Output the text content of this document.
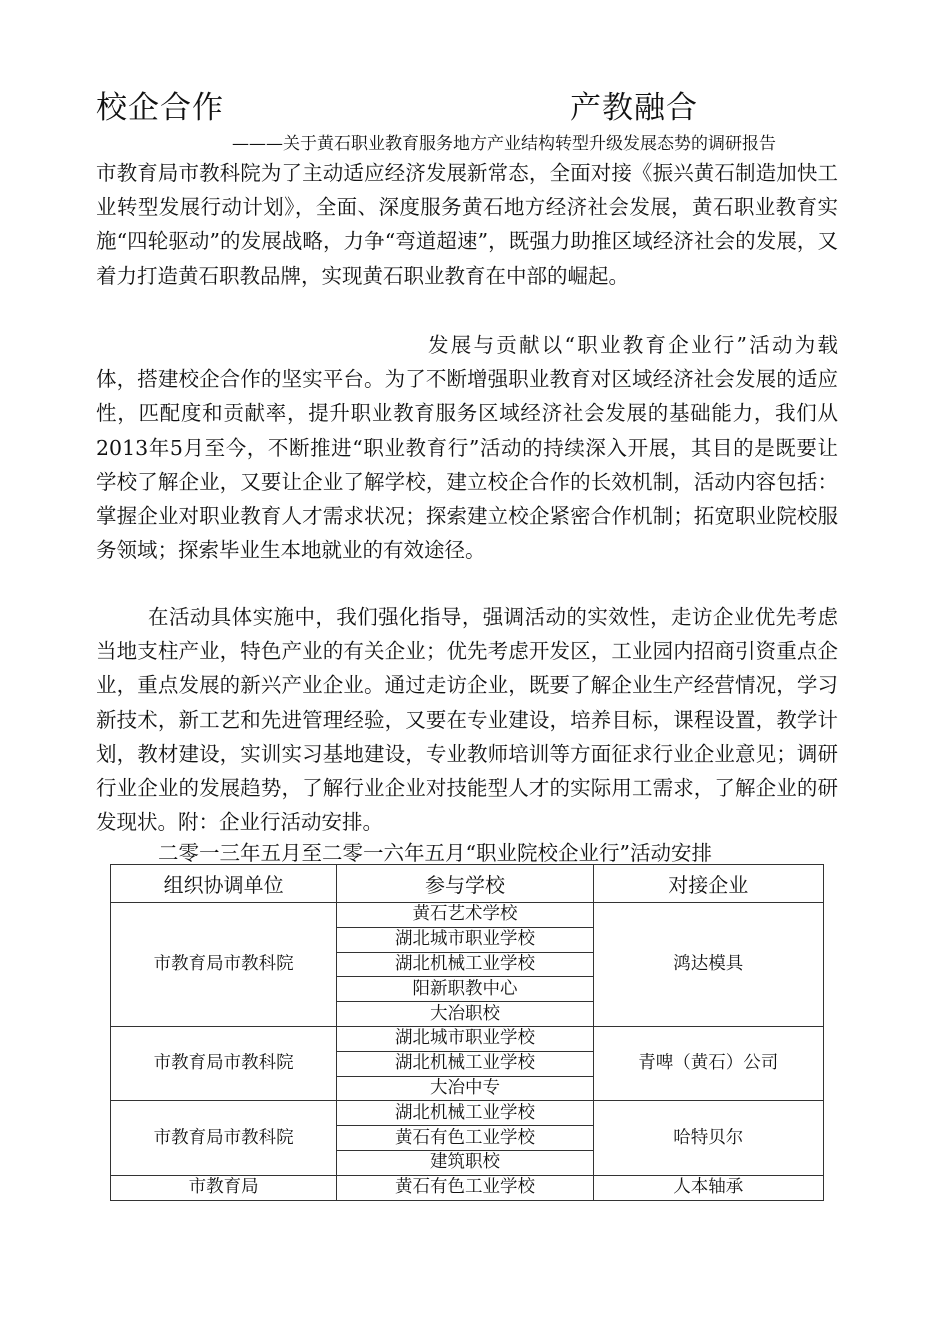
校企合作	产教融合
———关于黄石职业教育服务地方产业结构转型升级发展态势的调研报告

市教育局市教科院为了主动适应经济发展新常态，全面对接《振兴黄石制造加快工业转型发展行动计划》，全面、深度服务黄石地方经济社会发展，黄石职业教育实施“四轮驱动”的发展战略，力争“弯道超速”，既强力助推区域经济社会的发展，又着力打造黄石职教品牌，实现黄石职业教育在中部的崛起。

发展与贡献以“职业教育企业行”活动为载体，搭建校企合作的坚实平台。为了不断增强职业教育对区域经济社会发展的适应性，匹配度和贡献率，提升职业教育服务区域经济社会发展的基础能力，我们从2013年5月至今，不断推进“职业教育行”活动的持续深入开展，其目的是既要让学校了解企业，又要让企业了解学校，建立校企合作的长效机制，活动内容包括：掌握企业对职业教育人才需求状况；探索建立校企紧密合作机制；拓宽职业院校服务领域；探索毕业生本地就业的有效途径。

在活动具体实施中，我们强化指导，强调活动的实效性，走访企业优先考虑当地支柱产业，特色产业的有关企业；优先考虑开发区，工业园内招商引资重点企业，重点发展的新兴产业企业。通过走访企业，既要了解企业生产经营情况，学习新技术，新工艺和先进管理经验，又要在专业建设，培养目标，课程设置，教学计划，教材建设，实训实习基地建设，专业教师培训等方面征求行业企业意见；调研行业企业的发展趋势，了解行业企业对技能型人才的实际用工需求，了解企业的研发现状。附：企业行活动安排。

二零一三年五月至二零一六年五月“职业院校企业行”活动安排
组织协调单位	参与学校	对接企业
市教育局市教科院	黄石艺术学校	鸿达模具
	湖北城市职业学校	
	湖北机械工业学校	
	阳新职教中心	
	大冶职校	
市教育局市教科院	湖北城市职业学校	青啤（黄石）公司
	湖北机械工业学校	
	大冶中专	
市教育局市教科院	湖北机械工业学校	哈特贝尔
	黄石有色工业学校	
	建筑职校	
市教育局	黄石有色工业学校	人本轴承
